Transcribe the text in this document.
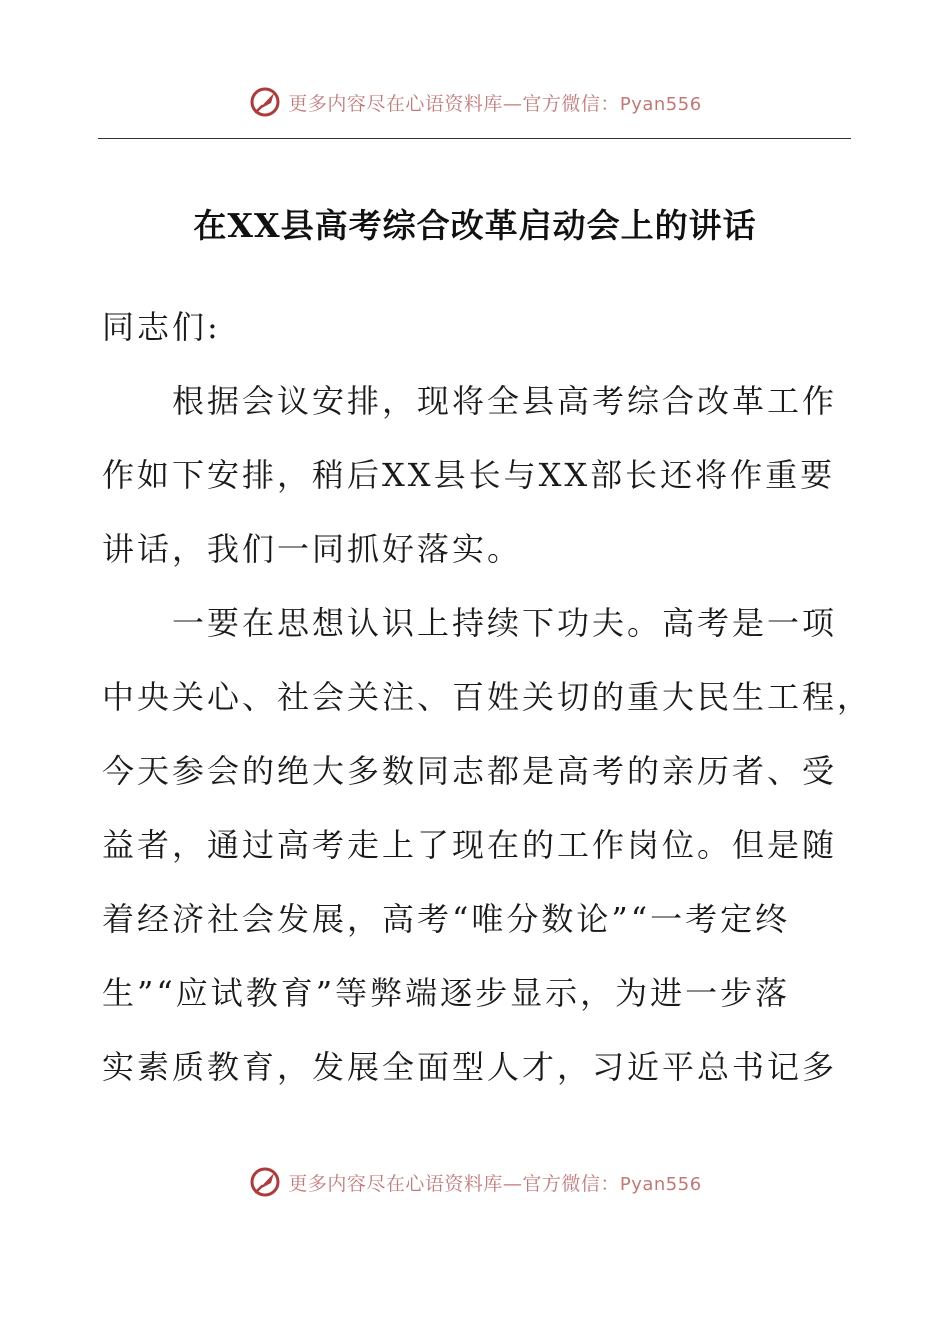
更多内容尽在心语资料库—官方微信：Pyan556
在XX县高考综合改革启动会上的讲话
同志们:
　　根据会议安排，现将全县高考综合改革工作
作如下安排，稍后XX县长与XX部长还将作重要
讲话，我们一同抓好落实。
　　一要在思想认识上持续下功夫。高考是一项
中央关心、社会关注、百姓关切的重大民生工程，
今天参会的绝大多数同志都是高考的亲历者、受
益者，通过高考走上了现在的工作岗位。但是随
着经济社会发展，高考“唯分数论”“一考定终
生”“应试教育”等弊端逐步显示，为进一步落
实素质教育，发展全面型人才，习近平总书记多
更多内容尽在心语资料库—官方微信：Pyan556
